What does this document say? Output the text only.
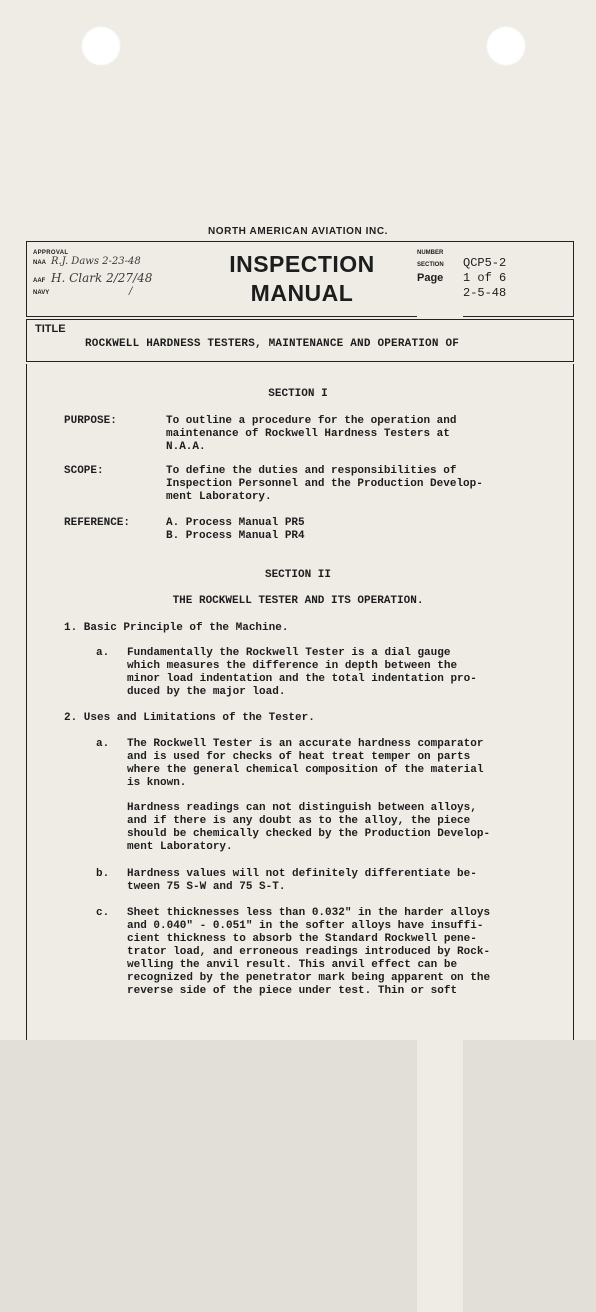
NORTH AMERICAN AVIATION INC.
APPROVAL
NAA R.J. Daws 2-23-48
AAF H. Clark 2/27/48
NAVY	/
INSPECTION
MANUAL
NUMBER
SECTION	QCP5-2
Page	1 of 6
2-5-48
TITLE
ROCKWELL HARDNESS TESTERS, MAINTENANCE AND OPERATION OF
SECTION I
PURPOSE:	To outline a procedure for the operation and
maintenance of Rockwell Hardness Testers at
N.A.A.
SCOPE:	To define the duties and responsibilities of
Inspection Personnel and the Production Develop-
ment Laboratory.
REFERENCE:	A. Process Manual PR5
B. Process Manual PR4
SECTION II
THE ROCKWELL TESTER AND ITS OPERATION.
1. Basic Principle of the Machine.
a. Fundamentally the Rockwell Tester is a dial gauge
which measures the difference in depth between the
minor load indentation and the total indentation pro-
duced by the major load.
2. Uses and Limitations of the Tester.
a. The Rockwell Tester is an accurate hardness comparator
and is used for checks of heat treat temper on parts
where the general chemical composition of the material
is known.
Hardness readings can not distinguish between alloys,
and if there is any doubt as to the alloy, the piece
should be chemically checked by the Production Develop-
ment Laboratory.
b. Hardness values will not definitely differentiate be-
tween 75 S-W and 75 S-T.
c. Sheet thicknesses less than 0.032" in the harder alloys
and 0.040" - 0.051" in the softer alloys have insuffi-
cient thickness to absorb the Standard Rockwell pene-
trator load, and erroneous readings introduced by Rock-
welling the anvil result. This anvil effect can be
recognized by the penetrator mark being apparent on the
reverse side of the piece under test. Thin or soft
